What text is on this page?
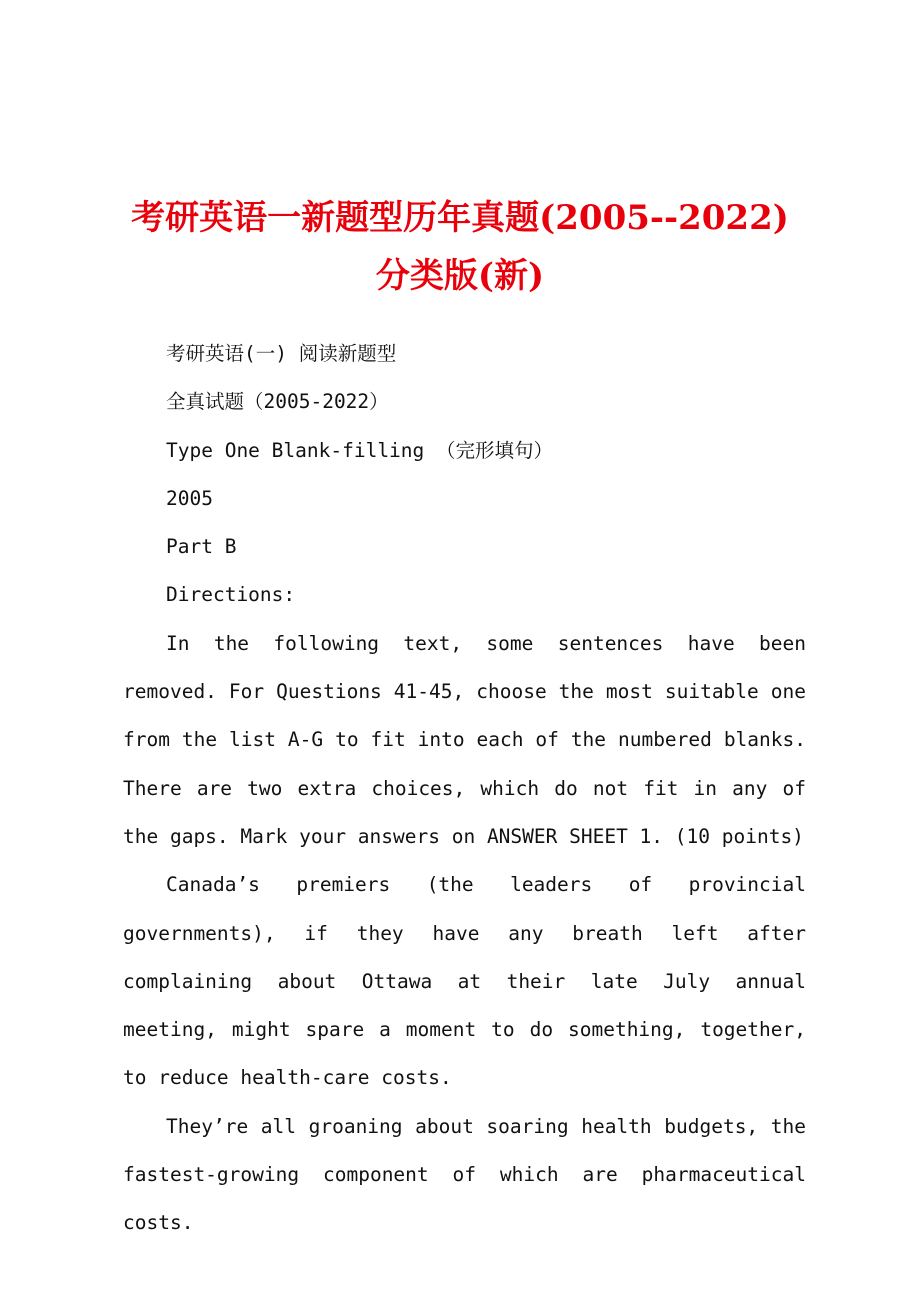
考研英语一新题型历年真题(2005--2022)分类版(新)

考研英语(一) 阅读新题型

全真试题（2005-2022）

Type One Blank-filling （完形填句）

2005

Part B

Directions:

In the following text, some sentences have been removed. For Questions 41-45, choose the most suitable one from the list A-G to fit into each of the numbered blanks. There are two extra choices, which do not fit in any of the gaps. Mark your answers on ANSWER SHEET 1. (10 points)

Canada’s premiers (the leaders of provincial governments), if they have any breath left after complaining about Ottawa at their late July annual meeting, might spare a moment to do something, together, to reduce health-care costs.

They’re all groaning about soaring health budgets, the fastest-growing component of which are pharmaceutical costs.
